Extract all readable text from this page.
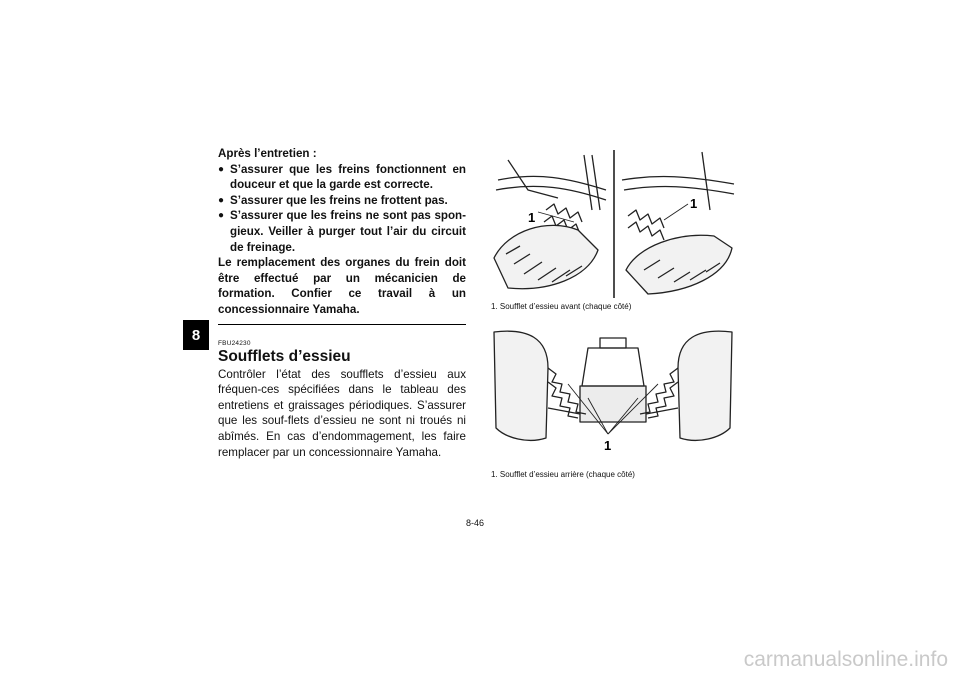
8
Après l’entretien :
● S’assurer que les freins fonctionnent en douceur et que la garde est correcte.
● S’assurer que les freins ne frottent pas.
● S’assurer que les freins ne sont pas spon-gieux. Veiller à purger tout l’air du circuit de freinage.
Le remplacement des organes du frein doit être effectué par un mécanicien de formation. Confier ce travail à un concessionnaire Yamaha.
FBU24230
Soufflets d’essieu
Contrôler l’état des soufflets d’essieu aux fréquen-ces spécifiées dans le tableau des entretiens et graissages périodiques. S’assurer que les souf-flets d’essieu ne sont ni troués ni abîmés. En cas d’endommagement, les faire remplacer par un concessionnaire Yamaha.
1
1
1. Soufflet d’essieu avant (chaque côté)
1
1. Soufflet d’essieu arrière (chaque côté)
8-46
carmanualsonline.info
